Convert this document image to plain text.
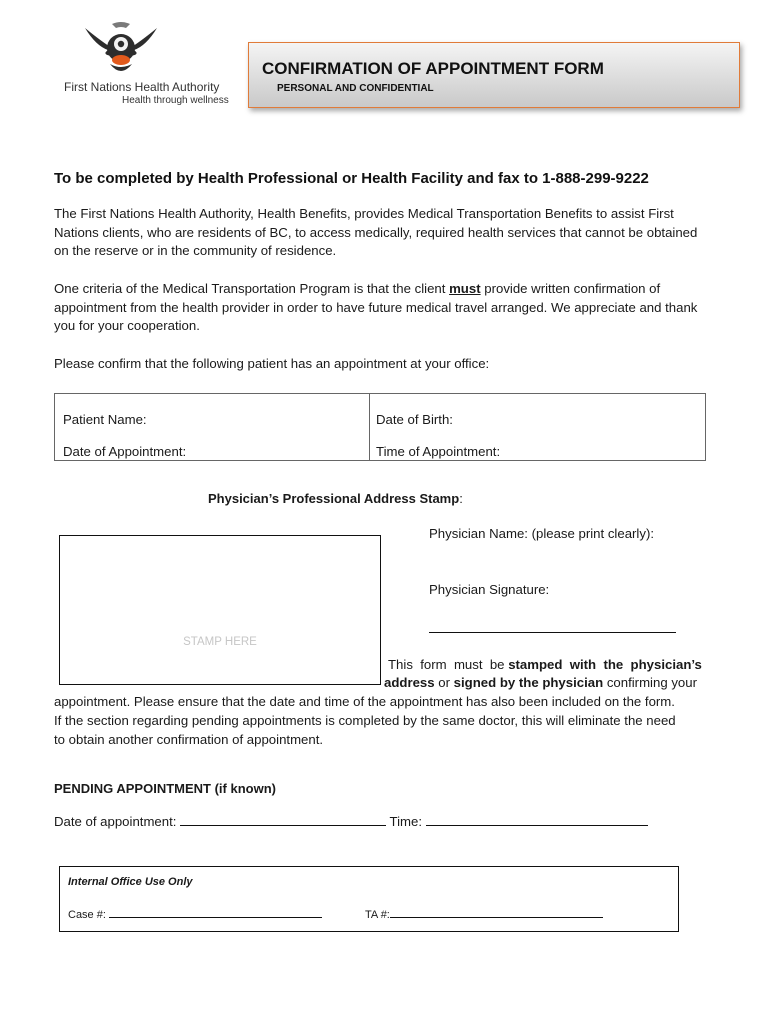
First Nations Health Authority
Health through wellness
CONFIRMATION OF APPOINTMENT FORM
PERSONAL AND CONFIDENTIAL
To be completed by Health Professional or Health Facility and fax to 1-888-299-9222
The First Nations Health Authority, Health Benefits, provides Medical Transportation Benefits to assist First Nations clients, who are residents of BC, to access medically, required health services that cannot be obtained on the reserve or in the community of residence.
One criteria of the Medical Transportation Program is that the client must provide written confirmation of appointment from the health provider in order to have future medical travel arranged. We appreciate and thank you for your cooperation.
Please confirm that the following patient has an appointment at your office:
Patient Name:	Date of Birth:
Date of Appointment:	Time of Appointment:
Physician’s Professional Address Stamp:
STAMP HERE
Physician Name: (please print clearly):
Physician Signature:
This  form  must  be stamped  with  the  physician’s
address or signed by the physician confirming your
appointment. Please ensure that the date and time of the appointment has also been included on the form.
If the section regarding pending appointments is completed by the same doctor, this will eliminate the need
to obtain another confirmation of appointment.
PENDING APPOINTMENT (if known)
Date of appointment:	Time:
Internal Office Use Only
Case #:	TA #:
